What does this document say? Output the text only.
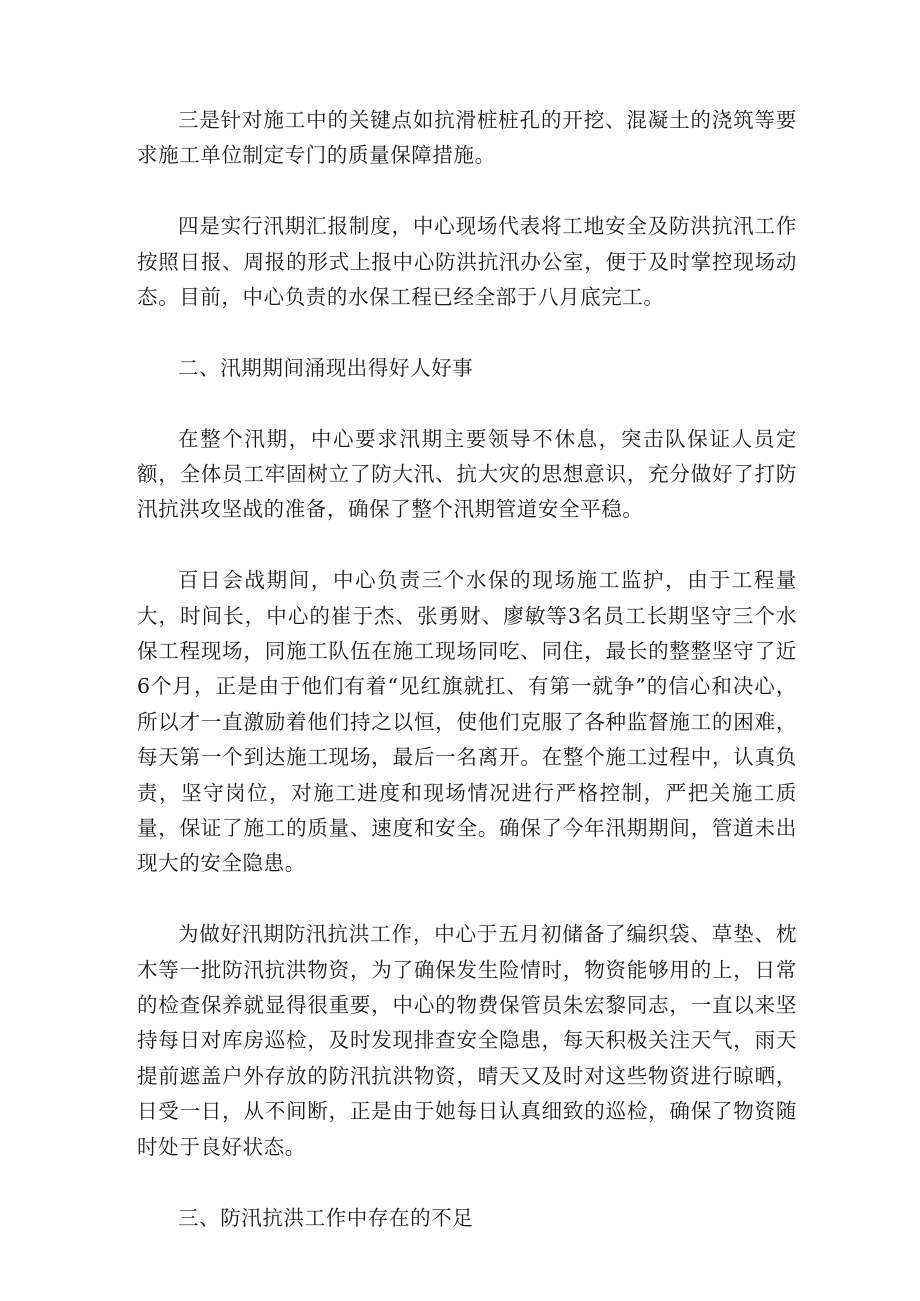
三是针对施工中的关键点如抗滑桩桩孔的开挖、混凝土的浇筑等要求施工单位制定专门的质量保障措施。

四是实行汛期汇报制度，中心现场代表将工地安全及防洪抗汛工作按照日报、周报的形式上报中心防洪抗汛办公室，便于及时掌控现场动态。目前，中心负责的水保工程已经全部于八月底完工。

二、汛期期间涌现出得好人好事

在整个汛期，中心要求汛期主要领导不休息，突击队保证人员定额，全体员工牢固树立了防大汛、抗大灾的思想意识，充分做好了打防汛抗洪攻坚战的准备，确保了整个汛期管道安全平稳。

百日会战期间，中心负责三个水保的现场施工监护，由于工程量大，时间长，中心的崔于杰、张勇财、廖敏等3名员工长期坚守三个水保工程现场，同施工队伍在施工现场同吃、同住，最长的整整坚守了近6个月，正是由于他们有着“见红旗就扛、有第一就争”的信心和决心，所以才一直激励着他们持之以恒，使他们克服了各种监督施工的困难，每天第一个到达施工现场，最后一名离开。在整个施工过程中，认真负责，坚守岗位，对施工进度和现场情况进行严格控制，严把关施工质量，保证了施工的质量、速度和安全。确保了今年汛期期间，管道未出现大的安全隐患。

为做好汛期防汛抗洪工作，中心于五月初储备了编织袋、草垫、枕木等一批防汛抗洪物资，为了确保发生险情时，物资能够用的上，日常的检查保养就显得很重要，中心的物费保管员朱宏黎同志，一直以来坚持每日对库房巡检，及时发现排查安全隐患，每天积极关注天气，雨天提前遮盖户外存放的防汛抗洪物资，晴天又及时对这些物资进行晾晒，日受一日，从不间断，正是由于她每日认真细致的巡检，确保了物资随时处于良好状态。

三、防汛抗洪工作中存在的不足
